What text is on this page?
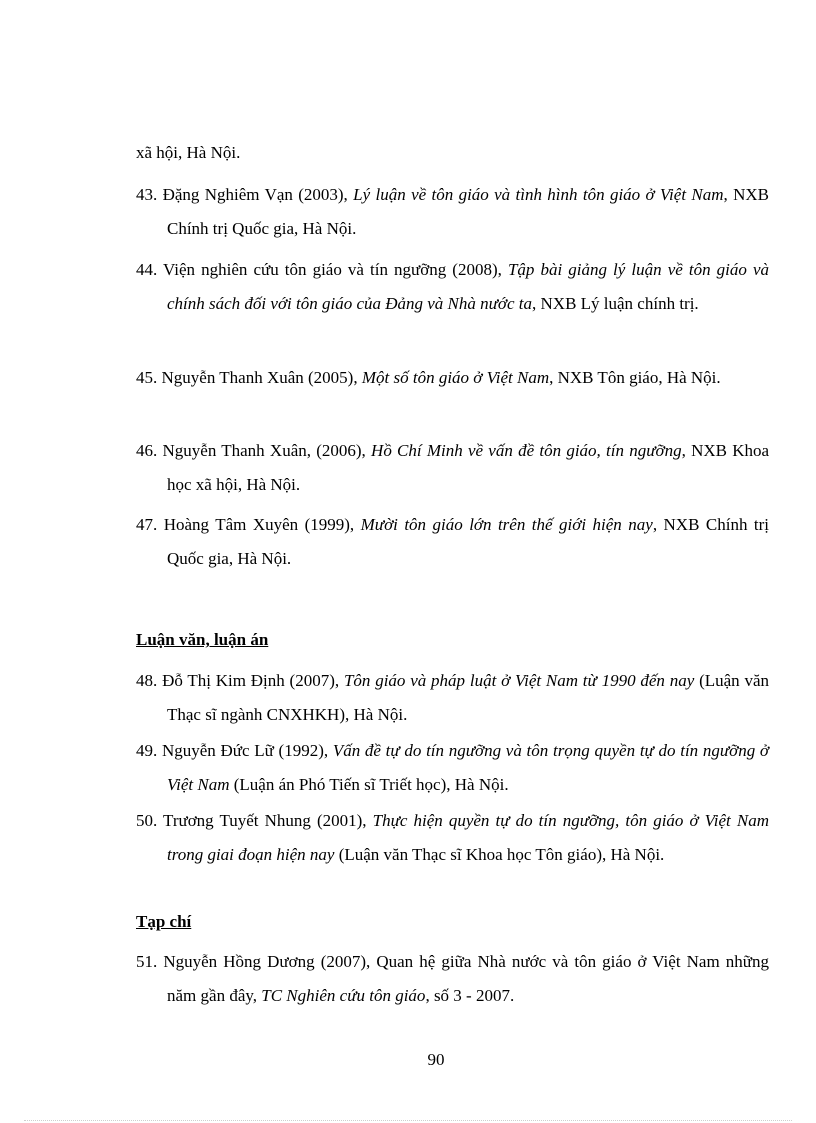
xã hội, Hà Nội.
43. Đặng Nghiêm Vạn (2003), Lý luận về tôn giáo và tình hình tôn giáo ở Việt Nam, NXB Chính trị Quốc gia, Hà Nội.
44. Viện nghiên cứu tôn giáo và tín ngưỡng (2008), Tập bài giảng lý luận về tôn giáo và chính sách đối với tôn giáo của Đảng và Nhà nước ta, NXB Lý luận chính trị.
45. Nguyễn Thanh Xuân (2005), Một số tôn giáo ở Việt Nam, NXB Tôn giáo, Hà Nội.
46. Nguyễn Thanh Xuân, (2006), Hồ Chí Minh về vấn đề tôn giáo, tín ngưỡng, NXB Khoa học xã hội, Hà Nội.
47. Hoàng Tâm Xuyên (1999), Mười tôn giáo lớn trên thế giới hiện nay, NXB Chính trị Quốc gia, Hà Nội.
Luận văn, luận án
48. Đỗ Thị Kim Định (2007), Tôn giáo và pháp luật ở Việt Nam từ 1990 đến nay (Luận văn Thạc sĩ ngành CNXHKH), Hà Nội.
49. Nguyễn Đức Lữ (1992), Vấn đề tự do tín ngưỡng và tôn trọng quyền tự do tín ngưỡng ở Việt Nam (Luận án Phó Tiến sĩ Triết học), Hà Nội.
50. Trương Tuyết Nhung (2001), Thực hiện quyền tự do tín ngưỡng, tôn giáo ở Việt Nam trong giai đoạn hiện nay (Luận văn Thạc sĩ Khoa học Tôn giáo), Hà Nội.
Tạp chí
51. Nguyễn Hồng Dương (2007), Quan hệ giữa Nhà nước và tôn giáo ở Việt Nam những năm gần đây, TC Nghiên cứu tôn giáo, số 3 - 2007.
90
